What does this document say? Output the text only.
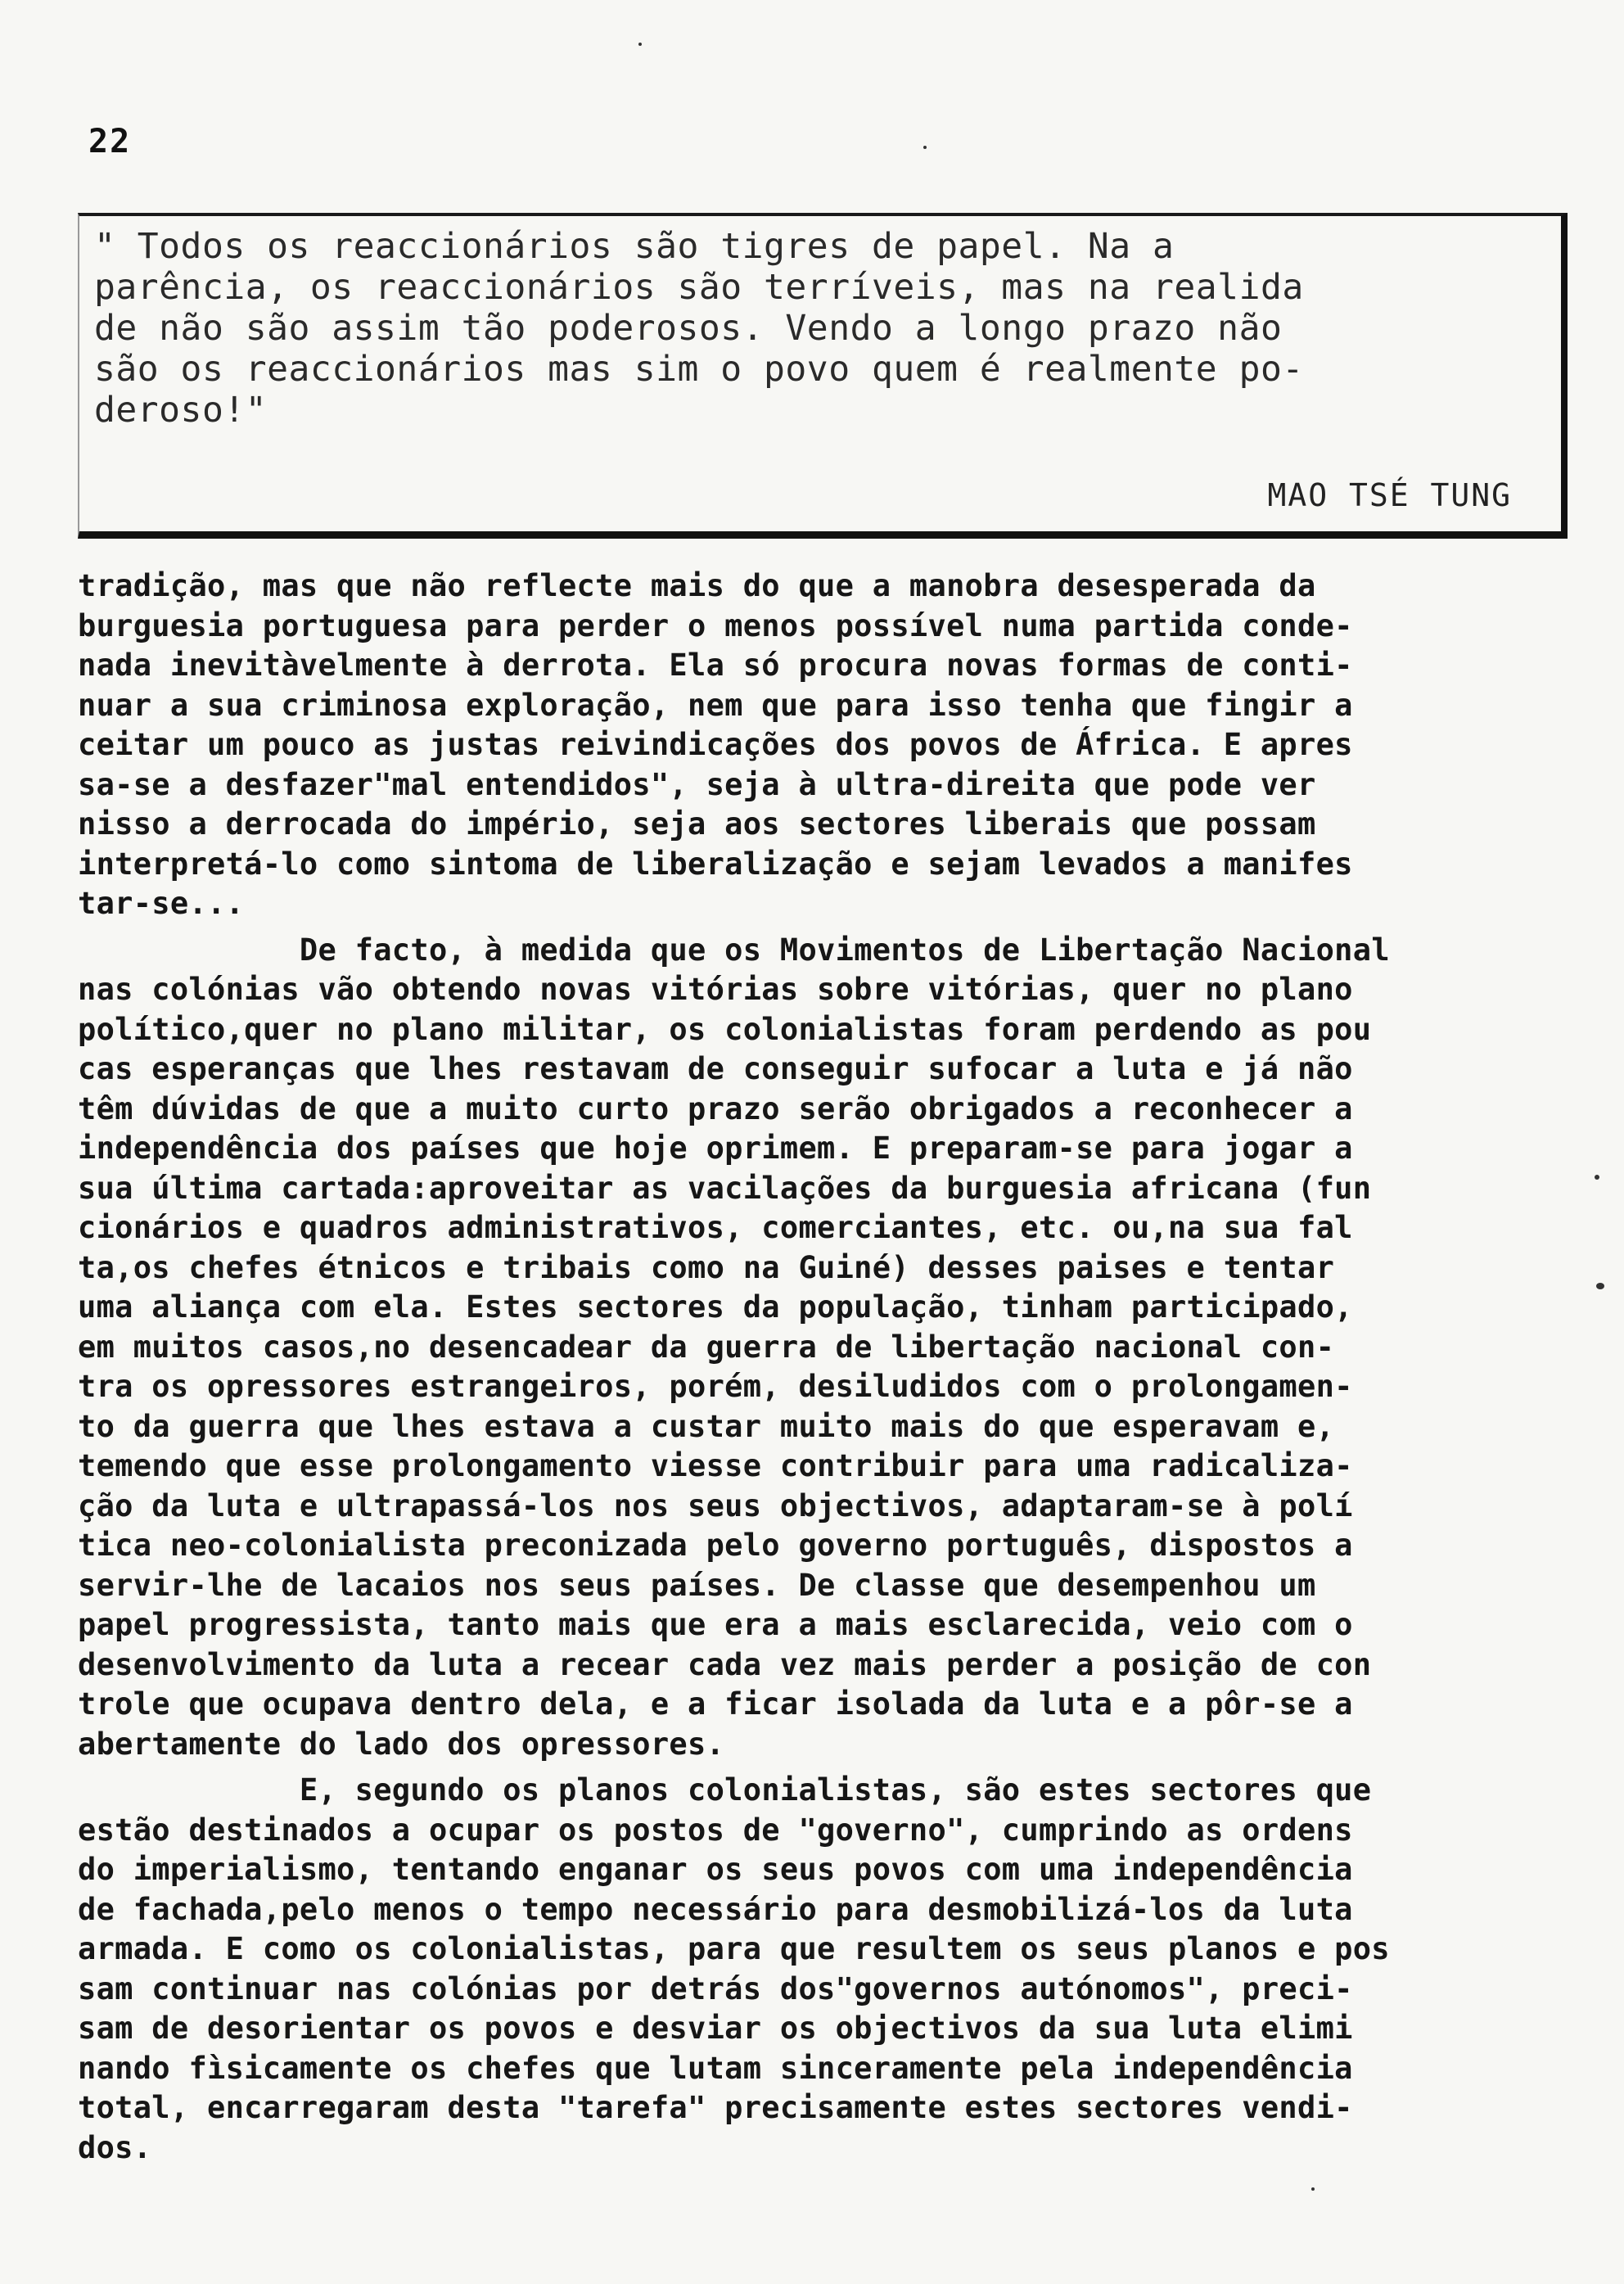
22
" Todos os reaccionários são tigres de papel. Na a
parência, os reaccionários são terríveis, mas na realida
de não são assim tão poderosos. Vendo a longo prazo não
são os reaccionários mas sim o povo quem é realmente po-
deroso!"
MAO TSÉ TUNG

tradição, mas que não reflecte mais do que a manobra desesperada da
burguesia portuguesa para perder o menos possível numa partida conde-
nada inevitàvelmente à derrota. Ela só procura novas formas de conti-
nuar a sua criminosa exploração, nem que para isso tenha que fingir a
ceitar um pouco as justas reivindicações dos povos de África. E apres
sa-se a desfazer"mal entendidos", seja à ultra-direita que pode ver
nisso a derrocada do império, seja aos sectores liberais que possam
interpretá-lo como sintoma de liberalização e sejam levados a manifes
tar-se...

De facto, à medida que os Movimentos de Libertação Nacional
nas colónias vão obtendo novas vitórias sobre vitórias, quer no plano
político,quer no plano militar, os colonialistas foram perdendo as pou
cas esperanças que lhes restavam de conseguir sufocar a luta e já não
têm dúvidas de que a muito curto prazo serão obrigados a reconhecer a
independência dos países que hoje oprimem. E preparam-se para jogar a
sua última cartada:aproveitar as vacilações da burguesia africana (fun
cionários e quadros administrativos, comerciantes, etc. ou,na sua fal
ta,os chefes étnicos e tribais como na Guiné) desses paises e tentar
uma aliança com ela. Estes sectores da população, tinham participado,
em muitos casos,no desencadear da guerra de libertação nacional con-
tra os opressores estrangeiros, porém, desiludidos com o prolongamen-
to da guerra que lhes estava a custar muito mais do que esperavam e,
temendo que esse prolongamento viesse contribuir para uma radicaliza-
ção da luta e ultrapassá-los nos seus objectivos, adaptaram-se à polí
tica neo-colonialista preconizada pelo governo português, dispostos a
servir-lhe de lacaios nos seus países. De classe que desempenhou um
papel progressista, tanto mais que era a mais esclarecida, veio com o
desenvolvimento da luta a recear cada vez mais perder a posição de con
trole que ocupava dentro dela, e a ficar isolada da luta e a pôr-se a
abertamente do lado dos opressores.

E, segundo os planos colonialistas, são estes sectores que
estão destinados a ocupar os postos de "governo", cumprindo as ordens
do imperialismo, tentando enganar os seus povos com uma independência
de fachada,pelo menos o tempo necessário para desmobilizá-los da luta
armada. E como os colonialistas, para que resultem os seus planos e pos
sam continuar nas colónias por detrás dos"governos autónomos", preci-
sam de desorientar os povos e desviar os objectivos da sua luta elimi
nando fìsicamente os chefes que lutam sinceramente pela independência
total, encarregaram desta "tarefa" precisamente estes sectores vendi-
dos.
